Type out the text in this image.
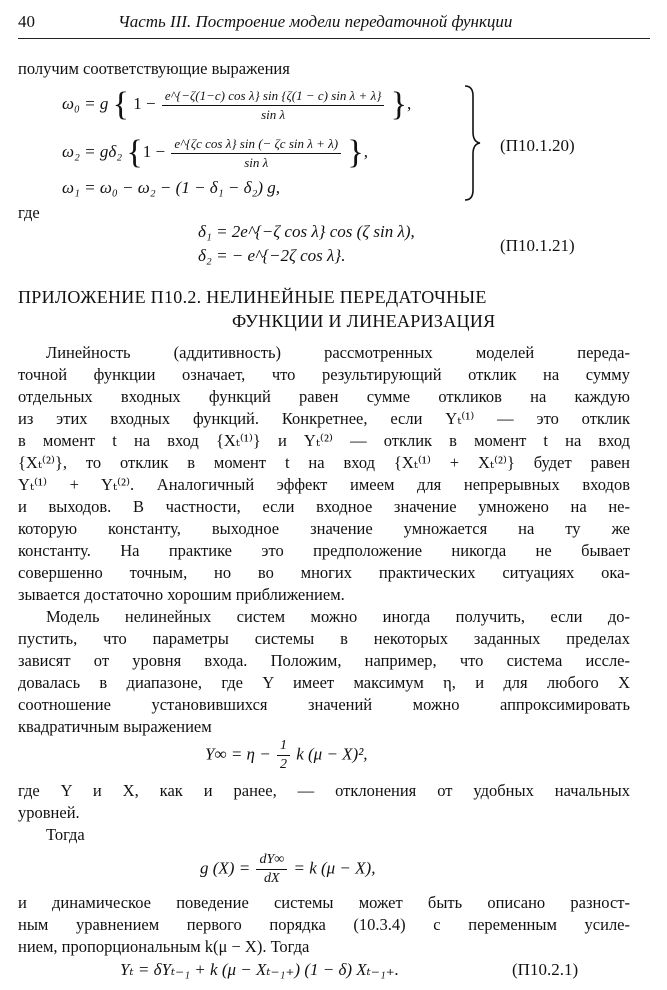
40	Часть III. Построение модели передаточной функции
получим соответствующие выражения
ω₀ = g { $1 - \frac{\text{e\textasciicircum{}\{−ζ(1−c) cos λ\} sin \{ζ(1 − c) sin λ + λ\}}}{\text{sin λ}}$ },
ω₂ = gδ₂ {$1 - \frac{\text{e\textasciicircum{}\{ζc cos λ\} sin (− ζc sin λ + λ)}}{\text{sin λ}}$ },
ω₁ = ω₀ − ω₂ − (1 − δ₁ − δ₂) g,
(П10.1.20)
где
δ₁ = 2e^{−ζ cos λ} cos (ζ sin λ),
δ₂ = − e^{−2ζ cos λ}.
(П10.1.21)
ПРИЛОЖЕНИЕ П10.2. НЕЛИНЕЙНЫЕ ПЕРЕДАТОЧНЫЕ
ФУНКЦИИ И ЛИНЕАРИЗАЦИЯ
Линейность (аддитивность) рассмотренных моделей переда-
точной функции означает, что результирующий отклик на сумму
отдельных входных функций равен сумме откликов на каждую
из этих входных функций. Конкретнее, если Yₜ⁽¹⁾ — это отклик
в момент t на вход {Xₜ⁽¹⁾} и Yₜ⁽²⁾ — отклик в момент t на вход
{Xₜ⁽²⁾}, то отклик в момент t на вход {Xₜ⁽¹⁾ + Xₜ⁽²⁾} будет равен
Yₜ⁽¹⁾ + Yₜ⁽²⁾. Аналогичный эффект имеем для непрерывных входов
и выходов. В частности, если входное значение умножено на не-
которую константу, выходное значение умножается на ту же
константу. На практике это предположение никогда не бывает
совершенно точным, но во многих практических ситуациях ока-
зывается достаточно хорошим приближением.
Модель нелинейных систем можно иногда получить, если до-
пустить, что параметры системы в некоторых заданных пределах
зависят от уровня входа. Положим, например, что система иссле-
довалась в диапазоне, где Y имеет максимум η, и для любого X
соотношение установившихся значений можно аппроксимировать
квадратичным выражением
$Y\infty = \eta - \frac{1}{2}$ k (μ − X)²,
где Y и X, как и ранее, — отклонения от удобных начальных
уровней.
Тогда
g $(X) = \frac{dY\infty}{dX} = k$ (μ − X),
и динамическое поведение системы может быть описано разност-
ным уравнением первого порядка (10.3.4) с переменным усиле-
нием, пропорциональным k(μ − X). Тогда
Yₜ = δYₜ₋₁ + k (μ − Xₜ₋₁₊) (1 − δ) Xₜ₋₁₊.	(П10.2.1)
